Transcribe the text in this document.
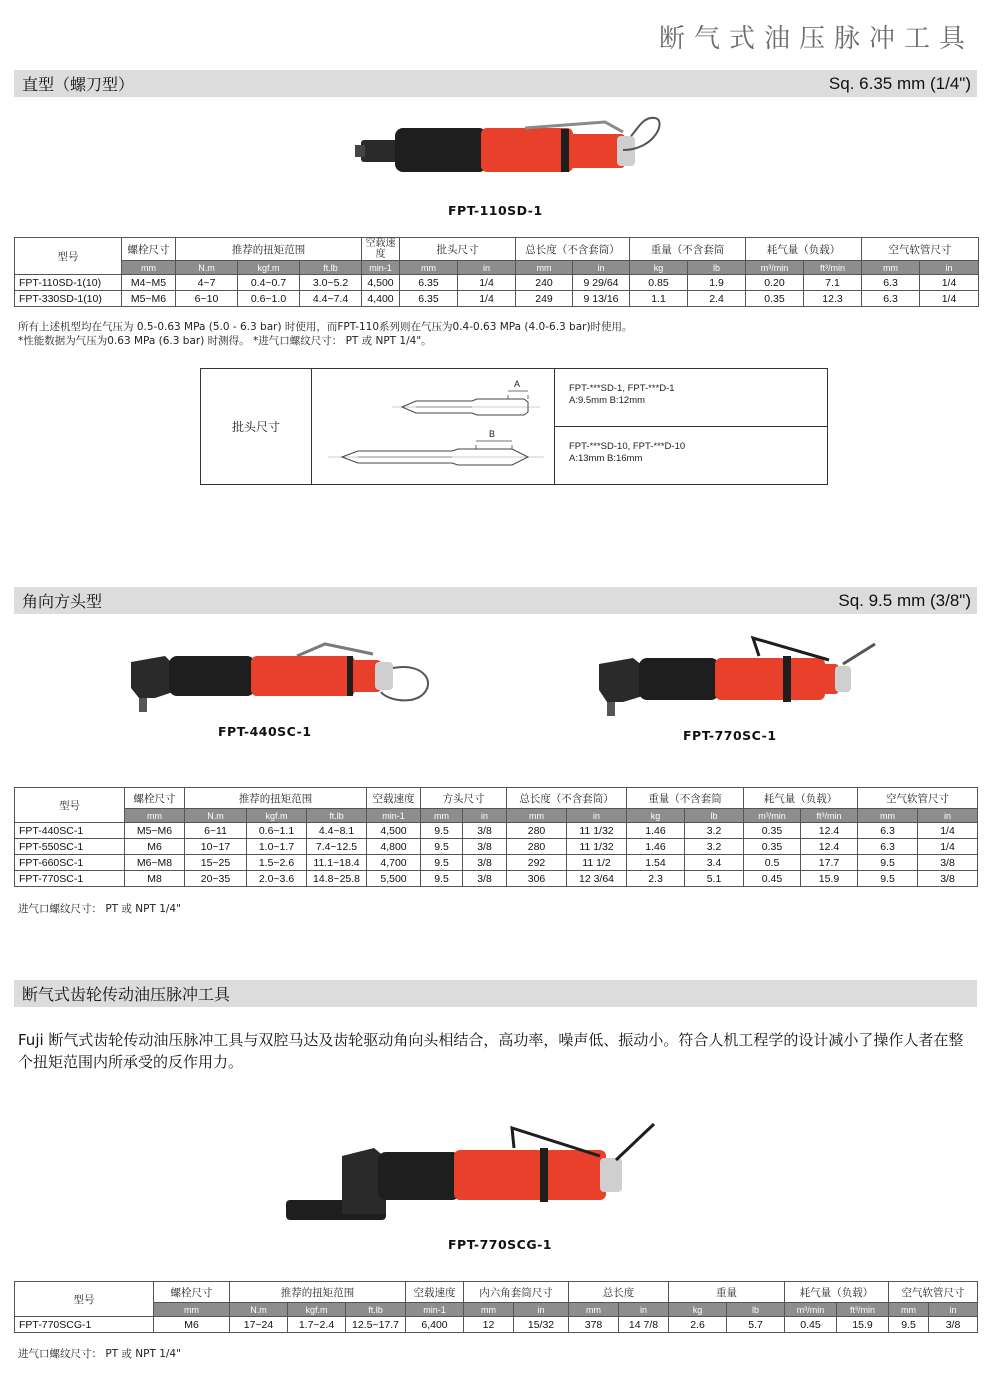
断气式油压脉冲工具
直型（螺刀型）	Sq. 6.35 mm (1/4")
FPT-110SD-1
型号	螺栓尺寸	推荐的扭矩范围			空载速度	批头尺寸		总长度（不含套筒）		重量（不含套筒		耗气量（负载）		空气软管尺寸	
	mm	N.m	kgf.m	ft.lb	min-1	mm	in	mm	in	kg	lb	m³/min	ft³/min	mm	in
FPT-110SD-1(10)	M4~M5	4~7	0.4~0.7	3.0~5.2	4,500	6.35	1/4	240	9 29/64	0.85	1.9	0.20	7.1	6.3	1/4
FPT-330SD-1(10)	M5~M6	6~10	0.6~1.0	4.4~7.4	4,400	6.35	1/4	249	9 13/16	1.1	2.4	0.35	12.3	6.3	1/4
所有上述机型均在气压为 0.5-0.63 MPa (5.0 - 6.3 bar) 时使用，而FPT-110系列则在气压为0.4-0.63 MPa (4.0-6.3 bar)时使用。
*性能数据为气压为0.63 MPa (6.3 bar) 时测得。 *进气口螺纹尺寸： PT 或 NPT 1/4"。
批头尺寸
A
B
FPT-***SD-1, FPT-***D-1
A:9.5mm B:12mm
FPT-***SD-10, FPT-***D-10
A:13mm B:16mm
角向方头型	Sq. 9.5 mm (3/8")
FPT-440SC-1	FPT-770SC-1
型号	螺栓尺寸	推荐的扭矩范围			空载速度	方头尺寸		总长度（不含套筒）		重量（不含套筒		耗气量（负载）		空气软管尺寸	
	mm	N.m	kgf.m	ft.lb	min-1	mm	in	mm	in	kg	lb	m³/min	ft³/min	mm	in
FPT-440SC-1	M5~M6	6~11	0.6~1.1	4.4~8.1	4,500	9.5	3/8	280	11 1/32	1.46	3.2	0.35	12.4	6.3	1/4
FPT-550SC-1	M6	10~17	1.0~1.7	7.4~12.5	4,800	9.5	3/8	280	11 1/32	1.46	3.2	0.35	12.4	6.3	1/4
FPT-660SC-1	M6~M8	15~25	1.5~2.6	11.1~18.4	4,700	9.5	3/8	292	11 1/2	1.54	3.4	0.5	17.7	9.5	3/8
FPT-770SC-1	M8	20~35	2.0~3.6	14.8~25.8	5,500	9.5	3/8	306	12 3/64	2.3	5.1	0.45	15.9	9.5	3/8
进气口螺纹尺寸： PT 或 NPT 1/4"
断气式齿轮传动油压脉冲工具
Fuji 断气式齿轮传动油压脉冲工具与双腔马达及齿轮驱动角向头相结合，高功率，噪声低、振动小。符合人机工程学的设计减小了操作人者在整个扭矩范围内所承受的反作用力。
FPT-770SCG-1
型号	螺栓尺寸	推荐的扭矩范围			空载速度	内六角套筒尺寸		总长度		重量		耗气量（负载）		空气软管尺寸	
	mm	N.m	kgf.m	ft.lb	min-1	mm	in	mm	in	kg	lb	m³/min	ft³/min	mm	in
FPT-770SCG-1	M6	17~24	1.7~2.4	12.5~17.7	6,400	12	15/32	378	14 7/8	2.6	5.7	0.45	15.9	9.5	3/8
进气口螺纹尺寸： PT 或 NPT 1/4"
